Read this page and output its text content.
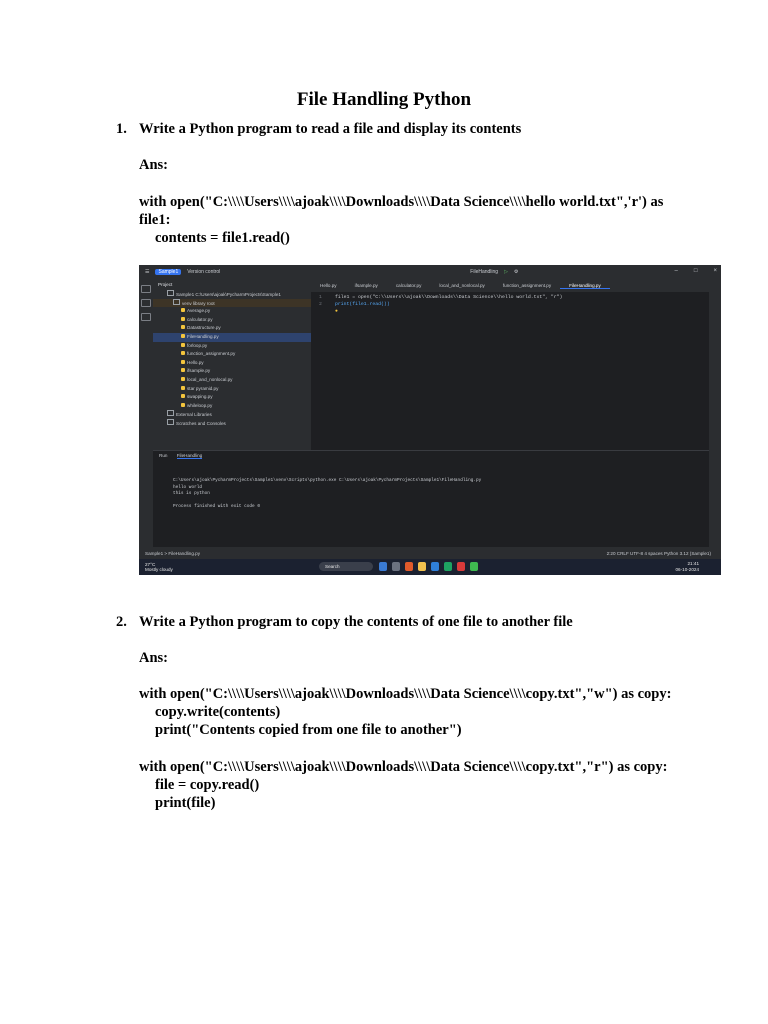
File Handling Python
1. Write a Python program to read a file and display its contents
Ans:
with open("C:\\\\Users\\\\ajoak\\\\Downloads\\\\Data Science\\\\hello world.txt",'r') as
file1:
contents = file1.read()
☰	Sample1	Version control	FileHandling ▷ ⚙	–	□	×
Project
Sample1 C:\Users\ajoak\PycharmProjects\Sample1
venv library root
Average.py
calculator.py
Datastructure.py
FileHandling.py
forloop.py
function_assignment.py
Hello.py
ifsample.py
local_and_nonlocal.py
star pyramid.py
swapping.py
whileloop.py
External Libraries
Scratches and Consoles
Hello.py	ifsample.py	calculator.py	local_and_nonlocal.py	function_assignment.py	FileHandling.py
1	file1 = open("C:\\Users\\ajoak\\Downloads\\Data Science\\hello world.txt", "r")
2	print(file1.read())
●
Run FileHandling
C:\Users\ajoak\PycharmProjects\Sample1\venv\Scripts\python.exe C:\Users\ajoak\PycharmProjects\Sample1\FileHandling.py
hello world
this is python
Process finished with exit code 0
Sample1 > FileHandling.py	2:20 CRLF UTF-8 4 spaces Python 3.12 (Sample1)
27°C
Mostly cloudy
Search
21:41
06-10-2024
2. Write a Python program to copy the contents of one file to another file
Ans:
with open("C:\\\\Users\\\\ajoak\\\\Downloads\\\\Data Science\\\\copy.txt","w") as copy:
copy.write(contents)
print("Contents copied from one file to another")
with open("C:\\\\Users\\\\ajoak\\\\Downloads\\\\Data Science\\\\copy.txt","r") as copy:
file = copy.read()
print(file)
